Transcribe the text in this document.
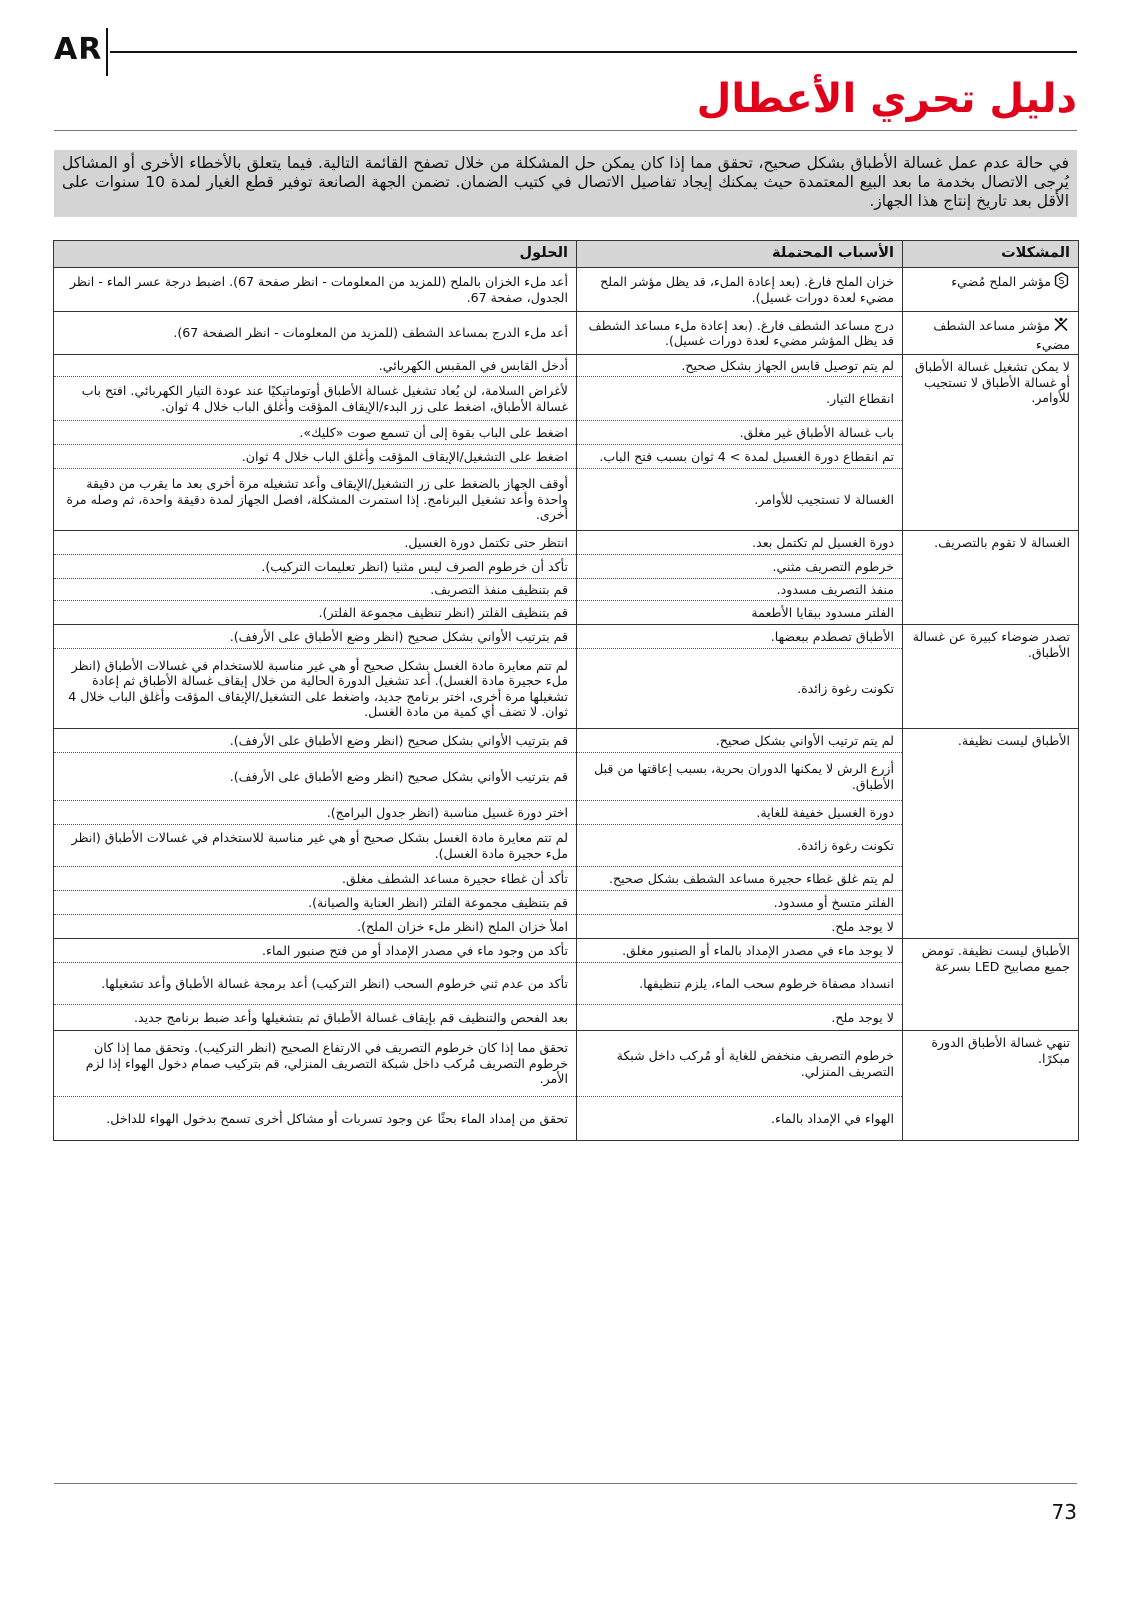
AR
دليل تحري الأعطال
في حالة عدم عمل غسالة الأطباق بشكل صحيح، تحقق مما إذا كان يمكن حل المشكلة من خلال تصفح القائمة التالية. فيما يتعلق بالأخطاء الأخرى أو المشاكل يُرجى الاتصال بخدمة ما بعد البيع المعتمدة حيث يمكنك إيجاد تفاصيل الاتصال في كتيب الضمان. تضمن الجهة الصانعة توفير قطع الغيار لمدة 10 سنوات على الأقل بعد تاريخ إنتاج هذا الجهاز.
المشكلات	الأسباب المحتملة	الحلول

S
مؤشر الملح مُضيء	خزان الملح فارغ. (بعد إعادة الملء، قد يظل مؤشر الملح مضيء لعدة دورات غسيل).	أعد ملء الخزان بالملح (للمزيد من المعلومات - انظر صفحة 67). اضبط درجة عسر الماء - انظر الجدول، صفحة 67.
مؤشر مساعد الشطف مضيء	درج مساعد الشطف فارغ. (بعد إعادة ملء مساعد الشطف قد يظل المؤشر مضيء لعدة دورات غسيل).	أعد ملء الدرج بمساعد الشطف (للمزيد من المعلومات - انظر الصفحة 67).
لا يمكن تشغيل غسالة الأطباق أو غسالة الأطباق لا تستجيب للأوامر.	لم يتم توصيل قابس الجهاز بشكل صحيح.	أدخل القابس في المقبس الكهربائي.
	انقطاع التيار.	لأغراض السلامة، لن يُعاد تشغيل غسالة الأطباق أوتوماتيكيًا عند عودة التيار الكهربائي. افتح باب غسالة الأطباق، اضغط على زر البدء/الإيقاف المؤقت وأغلق الباب خلال 4 ثوان.
	باب غسالة الأطباق غير مغلق.	اضغط على الباب بقوة إلى أن تسمع صوت «كليك».
	تم انقطاع دورة الغسيل لمدة > 4 ثوان بسبب فتح الباب.	اضغط على التشغيل/الإيقاف المؤقت وأغلق الباب خلال 4 ثوان.
	الغسالة لا تستجيب للأوامر.	أوقف الجهاز بالضغط على زر التشغيل/الإيقاف وأعد تشغيله مرة أخرى بعد ما يقرب من دقيقة واحدة وأعد تشغيل البرنامج. إذا استمرت المشكلة، افصل الجهاز لمدة دقيقة واحدة، ثم وصله مرة أخرى.
الغسالة لا تقوم بالتصريف.	دورة الغسيل لم تكتمل بعد.	انتظر حتى تكتمل دورة الغسيل.
	خرطوم التصريف مثني.	تأكد أن خرطوم الصرف ليس مثنيا (انظر تعليمات التركيب).
	منفذ التصريف مسدود.	قم بتنظيف منفذ التصريف.
	الفلتر مسدود ببقايا الأطعمة	قم بتنظيف الفلتر (انظر تنظيف مجموعة الفلتر).
تصدر ضوضاء كبيرة عن غسالة الأطباق.	الأطباق تصطدم ببعضها.	قم بترتيب الأواني بشكل صحيح (انظر وضع الأطباق على الأرفف).
	تكونت رغوة زائدة.	لم تتم معايرة مادة الغسل بشكل صحيح أو هي غير مناسبة للاستخدام في غسالات الأطباق (انظر ملء حجيرة مادة الغسل). أعد تشغيل الدورة الحالية من خلال إيقاف غسالة الأطباق ثم إعادة تشغيلها مرة أخرى، اختر برنامج جديد، واضغط على التشغيل/الإيقاف المؤقت وأغلق الباب خلال 4 ثوان. لا تضف أي كمية من مادة الغسل.
الأطباق ليست نظيفة.	لم يتم ترتيب الأواني بشكل صحيح.	قم بترتيب الأواني بشكل صحيح (انظر وضع الأطباق على الأرفف).
	أزرع الرش لا يمكنها الدوران بحرية، بسبب إعاقتها من قبل الأطباق.	قم بترتيب الأواني بشكل صحيح (انظر وضع الأطباق على الأرفف).
	دورة الغسيل خفيفة للغاية.	اختر دورة غسيل مناسبة (انظر جدول البرامج).
	تكونت رغوة زائدة.	لم تتم معايرة مادة الغسل بشكل صحيح أو هي غير مناسبة للاستخدام في غسالات الأطباق (انظر ملء حجيرة مادة الغسل).
	لم يتم غلق غطاء حجيرة مساعد الشطف بشكل صحيح.	تأكد أن غطاء حجيرة مساعد الشطف مغلق.
	الفلتر متسخ أو مسدود.	قم بتنظيف مجموعة الفلتر (انظر العناية والصيانة).
	لا يوجد ملح.	املأ خزان الملح (انظر ملء خزان الملح).
الأطباق ليست نظيفة. تومض جميع مصابيح LED بسرعة	لا يوجد ماء في مصدر الإمداد بالماء أو الصنبور مغلق.	تأكد من وجود ماء في مصدر الإمداد أو من فتح صنبور الماء.
	انسداد مصفاة خرطوم سحب الماء، يلزم تنظيفها.	تأكد من عدم ثني خرطوم السحب (انظر التركيب) أعد برمجة غسالة الأطباق وأعد تشغيلها.
	لا يوجد ملح.	بعد الفحص والتنظيف قم بإيقاف غسالة الأطباق ثم بتشغيلها وأعد ضبط برنامج جديد.
تنهي غسالة الأطباق الدورة مبكرًا.	خرطوم التصريف منخفض للغاية أو مُركب داخل شبكة التصريف المنزلي.	تحقق مما إذا كان خرطوم التصريف في الارتفاع الصحيح (انظر التركيب). وتحقق مما إذا كان خرطوم التصريف مُركب داخل شبكة التصريف المنزلي، قم بتركيب صمام دخول الهواء إذا لزم الأمر.
	الهواء في الإمداد بالماء.	تحقق من إمداد الماء بحثًا عن وجود تسربات أو مشاكل أخرى تسمح بدخول الهواء للداخل.
73
